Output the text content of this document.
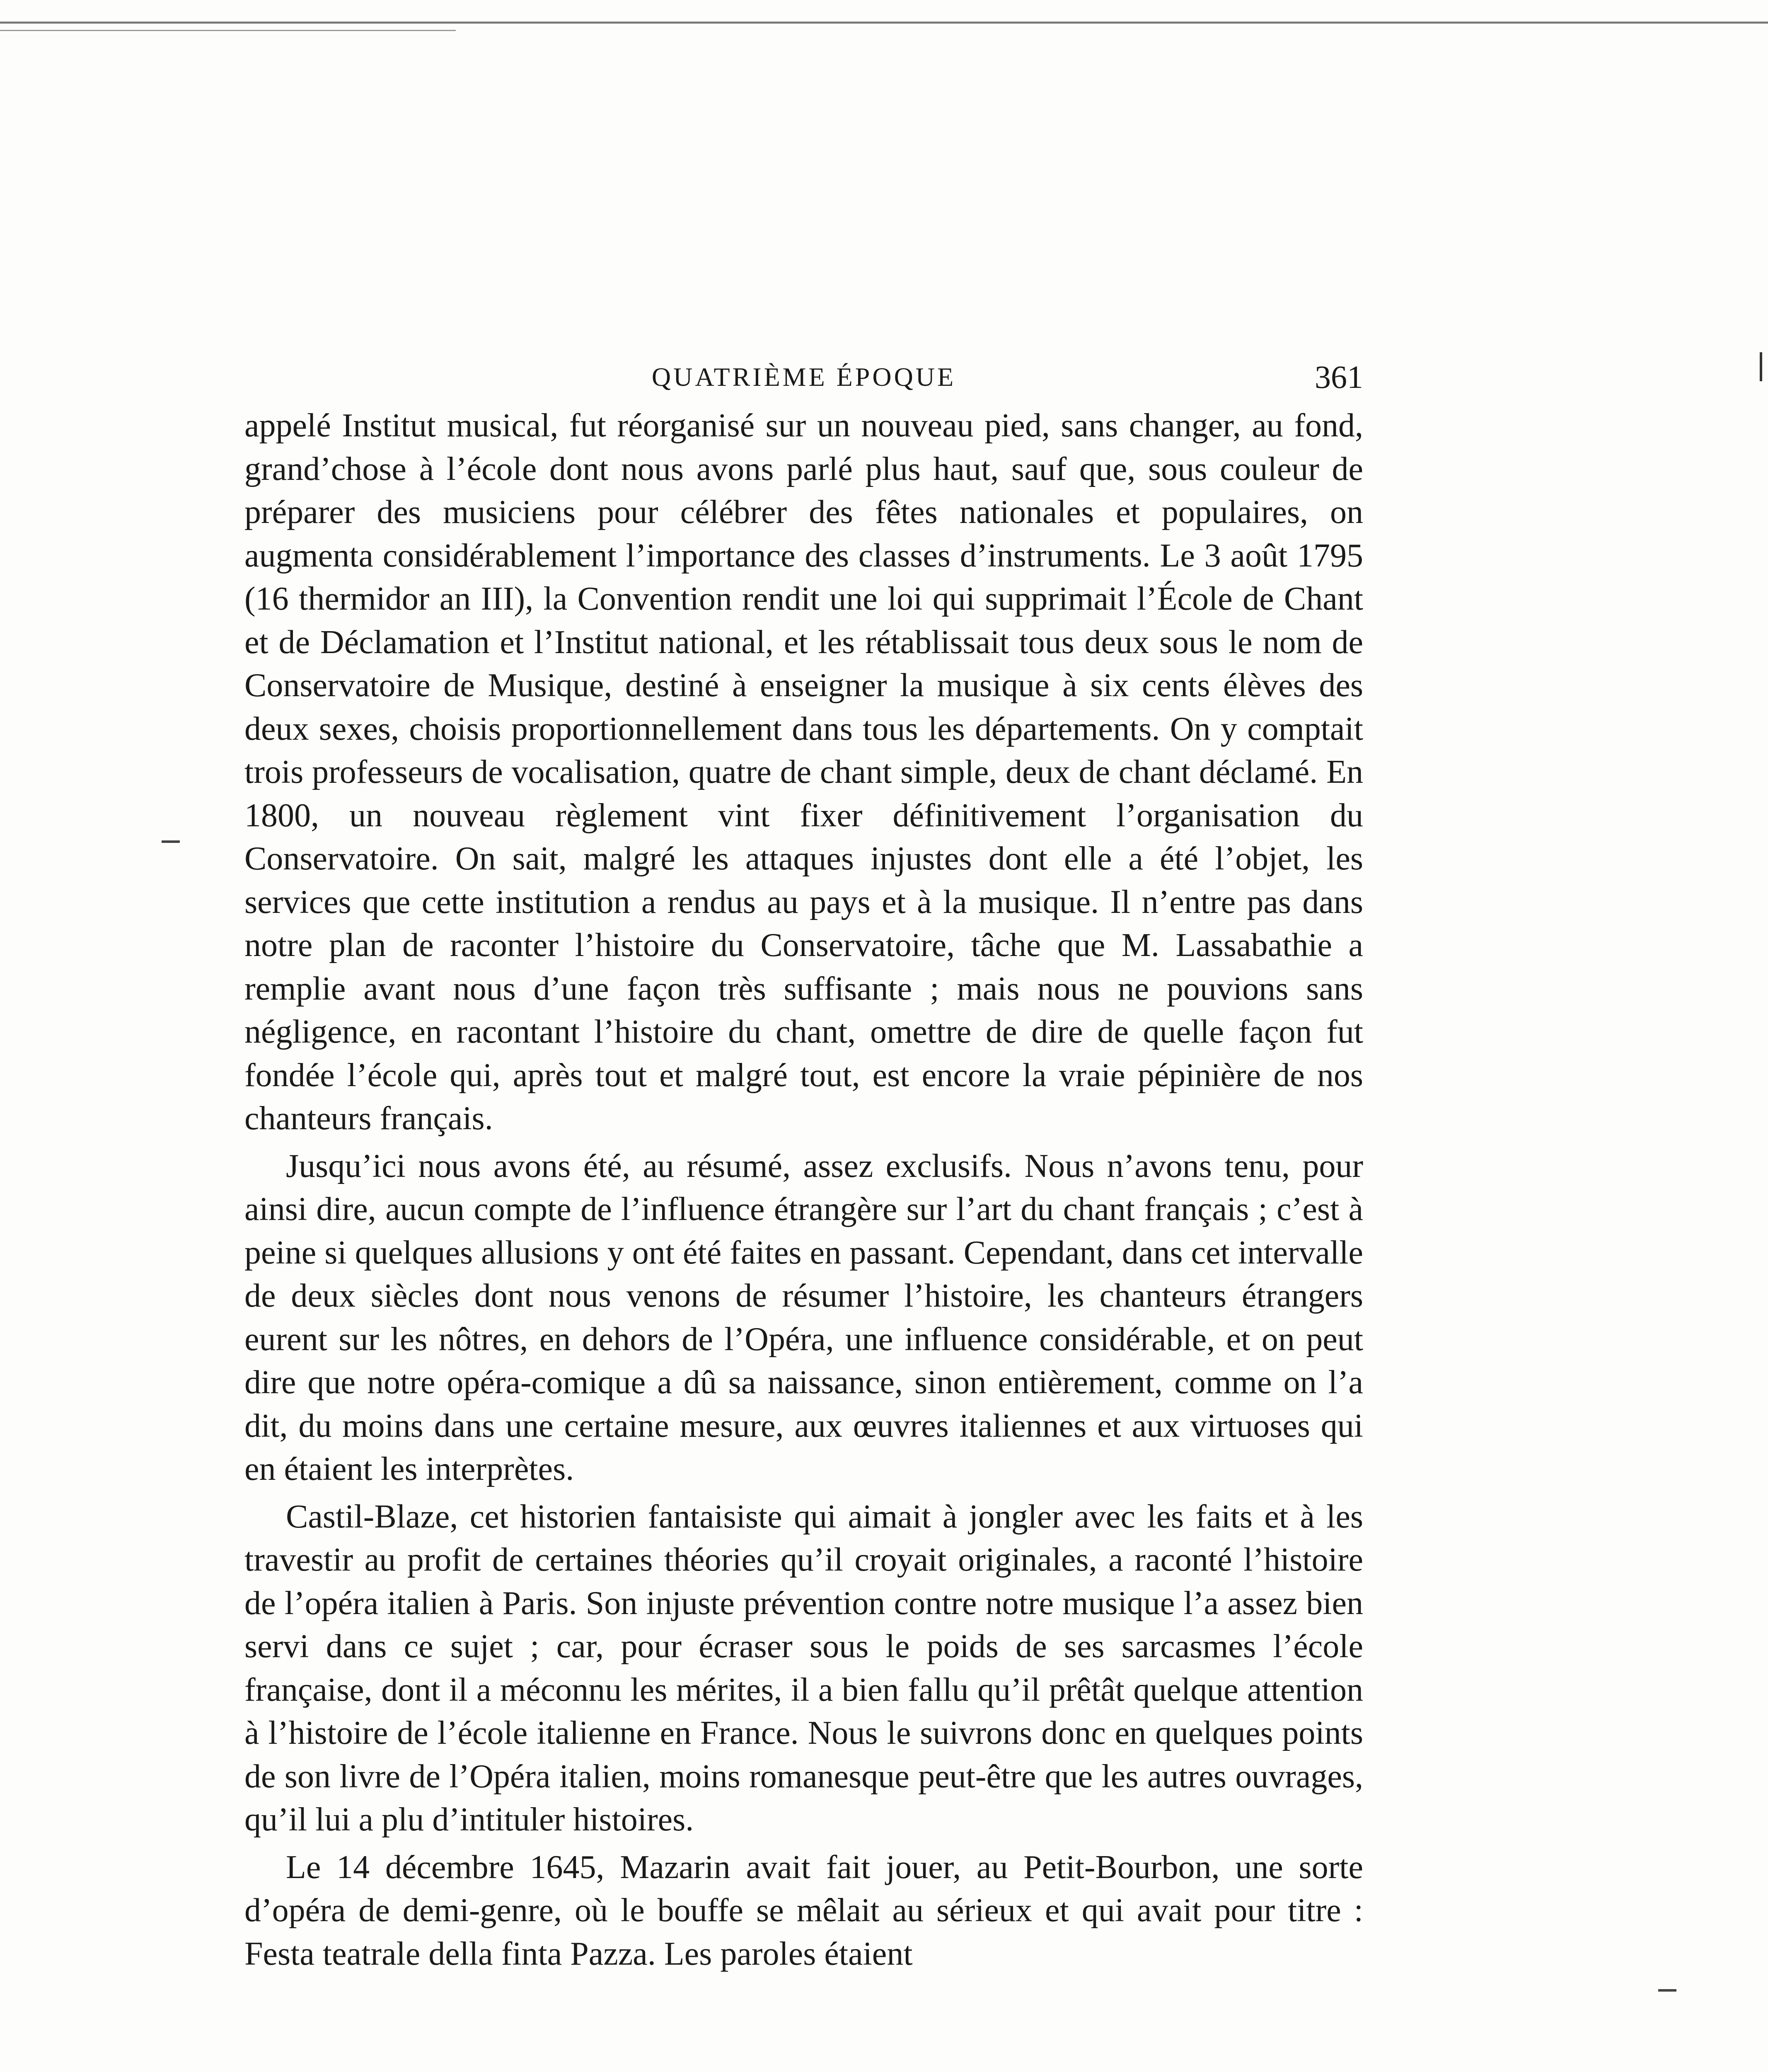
QUATRIÈME ÉPOQUE	361

appelé Institut musical, fut réorganisé sur un nouveau pied, sans changer, au fond, grand’chose à l’école dont nous avons parlé plus haut, sauf que, sous couleur de préparer des musiciens pour célébrer des fêtes nationales et populaires, on augmenta considérablement l’importance des classes d’instruments. Le 3 août 1795 (16 thermidor an III), la Convention rendit une loi qui supprimait l’École de Chant et de Déclamation et l’Institut national, et les rétablissait tous deux sous le nom de Conservatoire de Musique, destiné à enseigner la musique à six cents élèves des deux sexes, choisis proportionnellement dans tous les départements. On y comptait trois professeurs de vocalisation, quatre de chant simple, deux de chant déclamé. En 1800, un nouveau règlement vint fixer définitivement l’organisation du Conservatoire. On sait, malgré les attaques injustes dont elle a été l’objet, les services que cette institution a rendus au pays et à la musique. Il n’entre pas dans notre plan de raconter l’histoire du Conservatoire, tâche que M. Lassabathie a remplie avant nous d’une façon très suffisante ; mais nous ne pouvions sans négligence, en racontant l’histoire du chant, omettre de dire de quelle façon fut fondée l’école qui, après tout et malgré tout, est encore la vraie pépinière de nos chanteurs français.

Jusqu’ici nous avons été, au résumé, assez exclusifs. Nous n’avons tenu, pour ainsi dire, aucun compte de l’influence étrangère sur l’art du chant français ; c’est à peine si quelques allusions y ont été faites en passant. Cependant, dans cet intervalle de deux siècles dont nous venons de résumer l’histoire, les chanteurs étrangers eurent sur les nôtres, en dehors de l’Opéra, une influence considérable, et on peut dire que notre opéra-comique a dû sa naissance, sinon entièrement, comme on l’a dit, du moins dans une certaine mesure, aux œuvres italiennes et aux virtuoses qui en étaient les interprètes.

Castil-Blaze, cet historien fantaisiste qui aimait à jongler avec les faits et à les travestir au profit de certaines théories qu’il croyait originales, a raconté l’histoire de l’opéra italien à Paris. Son injuste prévention contre notre musique l’a assez bien servi dans ce sujet ; car, pour écraser sous le poids de ses sarcasmes l’école française, dont il a méconnu les mérites, il a bien fallu qu’il prêtât quelque attention à l’histoire de l’école italienne en France. Nous le suivrons donc en quelques points de son livre de l’Opéra italien, moins romanesque peut-être que les autres ouvrages, qu’il lui a plu d’intituler histoires.

Le 14 décembre 1645, Mazarin avait fait jouer, au Petit-Bourbon, une sorte d’opéra de demi-genre, où le bouffe se mêlait au sérieux et qui avait pour titre : Festa teatrale della finta Pazza. Les paroles étaient
